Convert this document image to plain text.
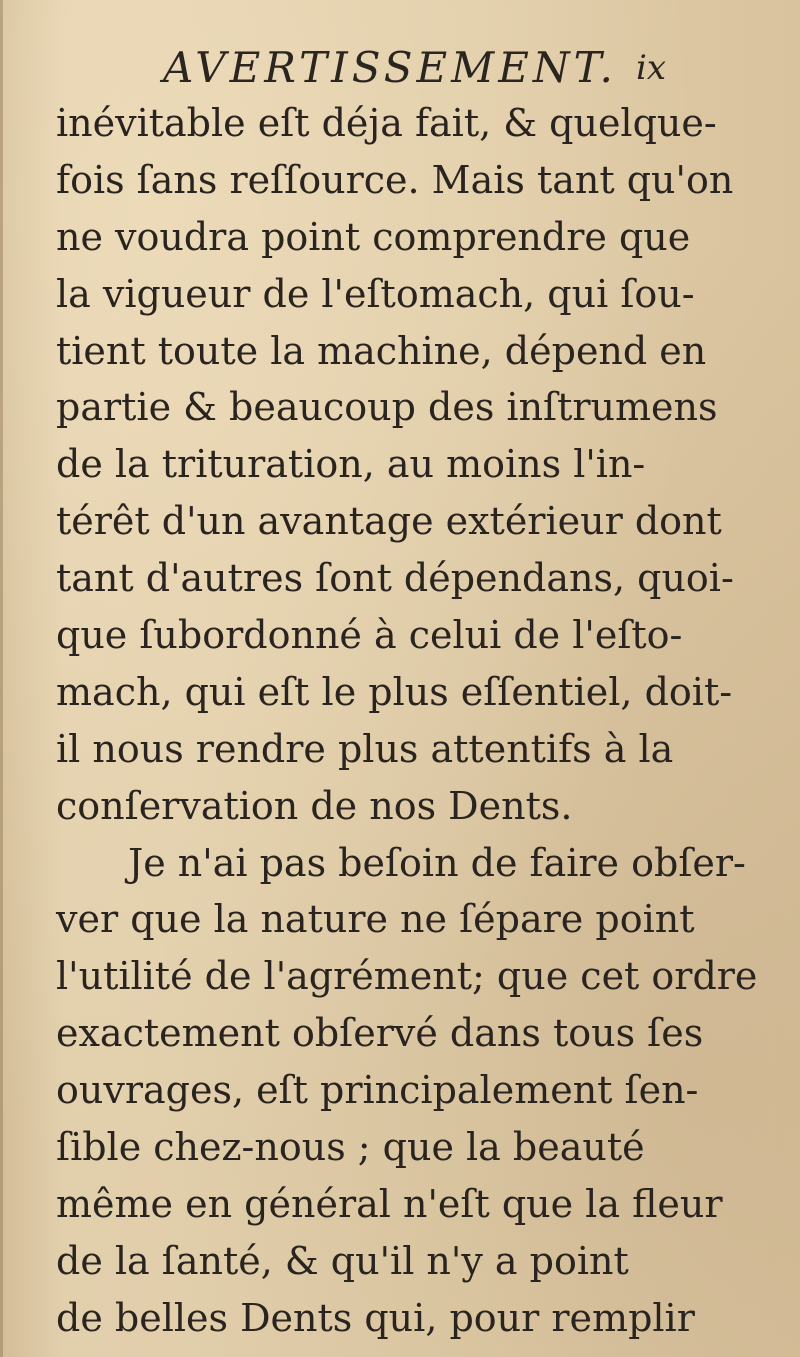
AVERTISSEMENT. ix
inévitable eſt déja fait, & quelque-
fois ſans reſſource. Mais tant qu'on
ne voudra point comprendre que
la vigueur de l'eſtomach, qui ſou-
tient toute la machine, dépend en
partie & beaucoup des inſtrumens
de la trituration, au moins l'in-
térêt d'un avantage extérieur dont
tant d'autres ſont dépendans, quoi-
que ſubordonné à celui de l'eſto-
mach, qui eſt le plus eſſentiel, doit-
il nous rendre plus attentifs à la
conſervation de nos Dents.
Je n'ai pas beſoin de faire obſer-
ver que la nature ne ſépare point
l'utilité de l'agrément; que cet ordre
exactement obſervé dans tous ſes
ouvrages, eſt principalement ſen-
ſible chez-nous ; que la beauté
même en général n'eſt que la fleur
de la ſanté, & qu'il n'y a point
de belles Dents qui, pour remplir
